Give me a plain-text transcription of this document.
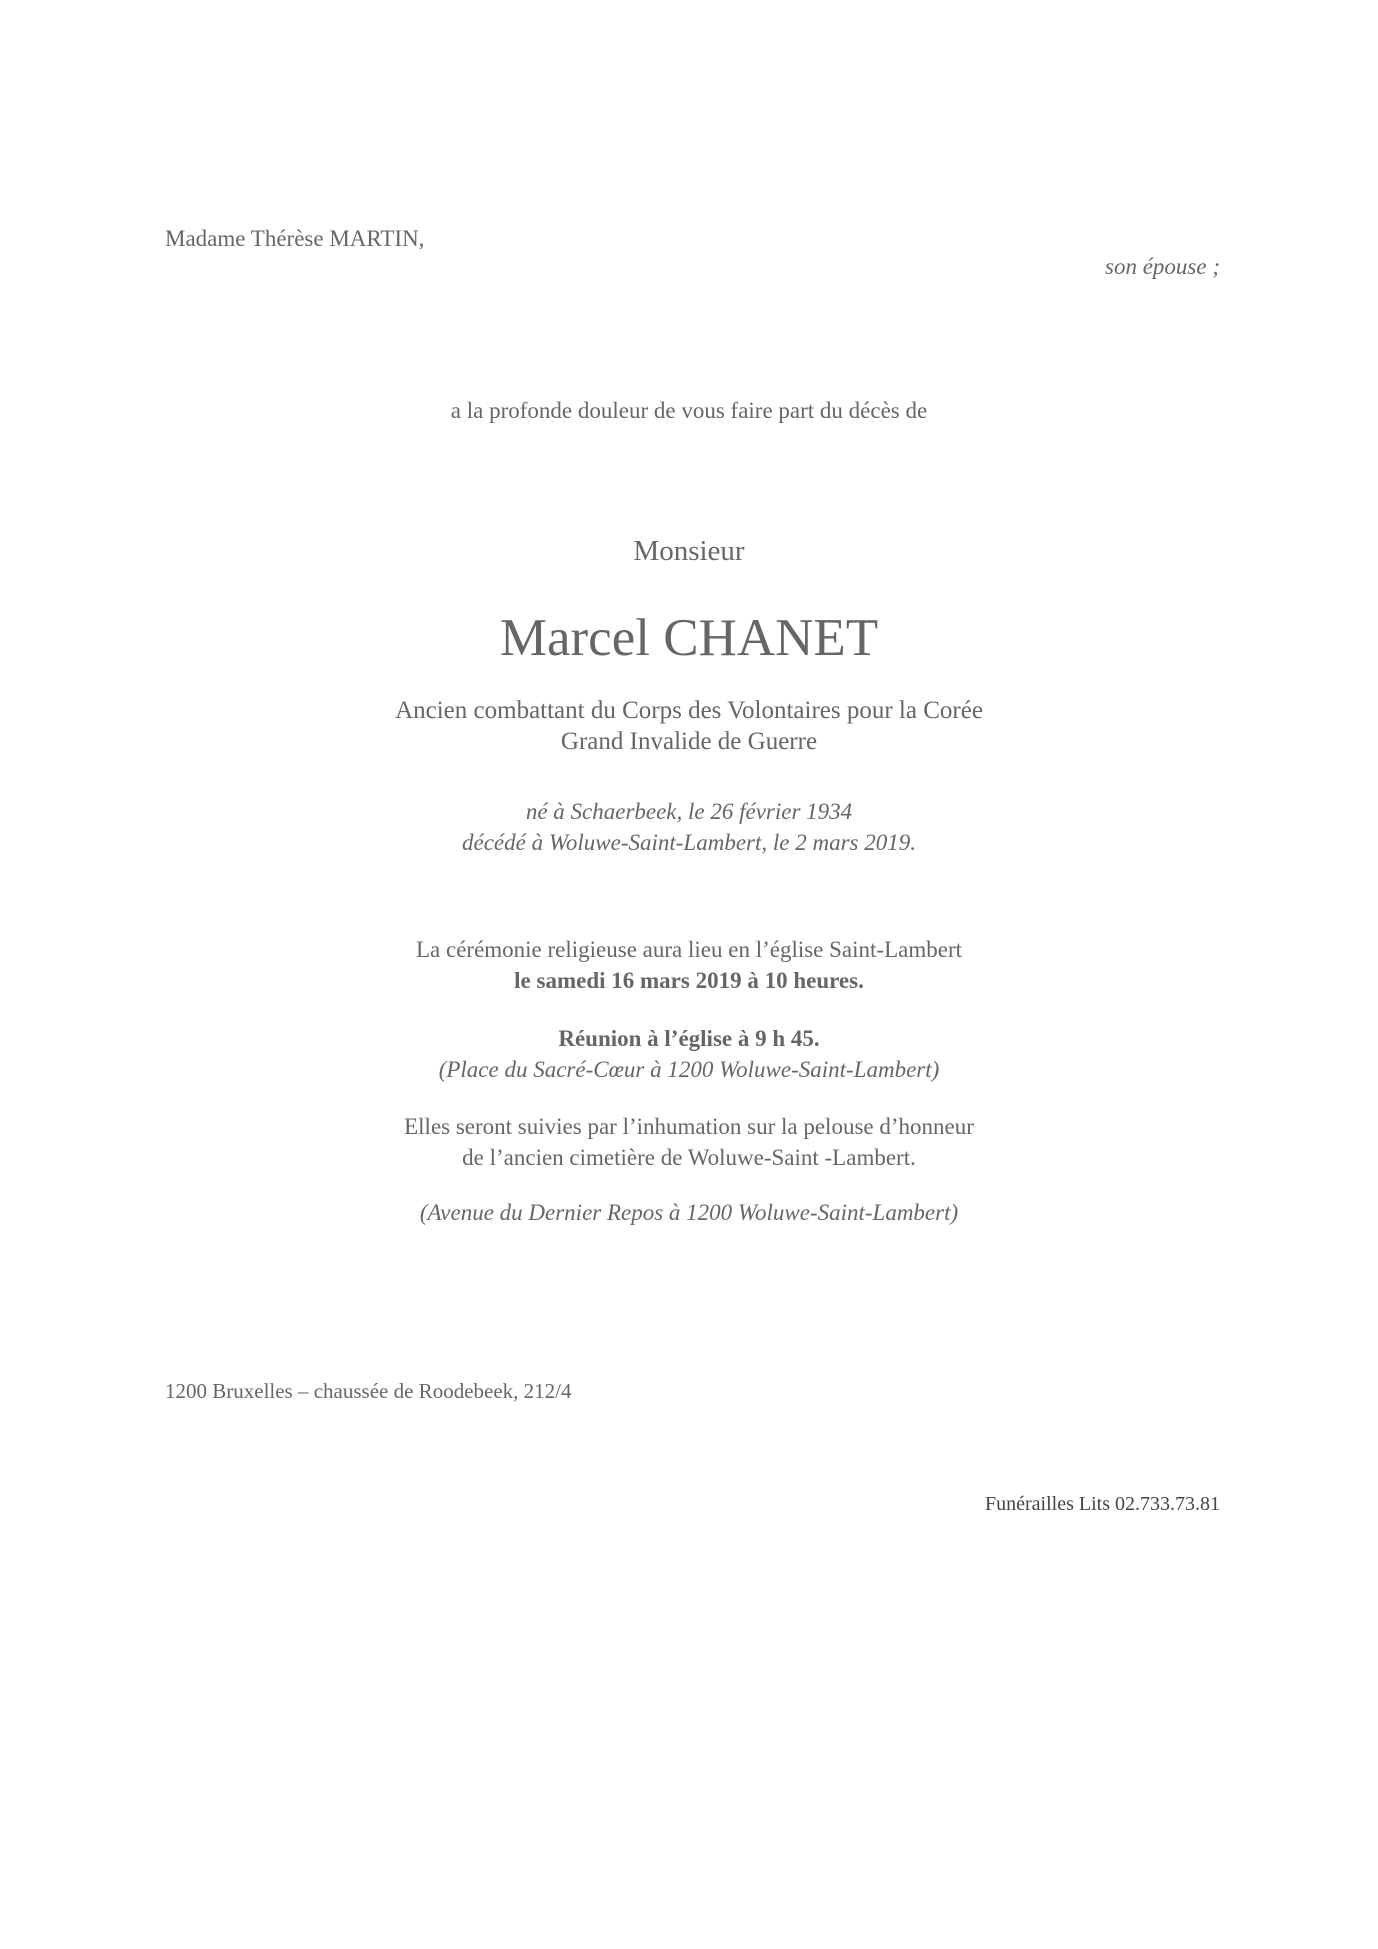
Madame Thérèse MARTIN,
son épouse ;
a la profonde douleur de vous faire part du décès de
Monsieur
Marcel CHANET
Ancien combattant du Corps des Volontaires pour la Corée
Grand Invalide de Guerre
né à Schaerbeek, le 26 février 1934
décédé à Woluwe-Saint-Lambert, le 2 mars 2019.
La cérémonie religieuse aura lieu en l’église Saint-Lambert
le samedi 16 mars 2019 à 10 heures.
Réunion à l’église à 9 h 45.
(Place du Sacré-Cœur à 1200 Woluwe-Saint-Lambert)
Elles seront suivies par l’inhumation sur la pelouse d’honneur
de l’ancien cimetière de Woluwe-Saint -Lambert.
(Avenue du Dernier Repos à 1200 Woluwe-Saint-Lambert)
1200 Bruxelles – chaussée de Roodebeek, 212/4
Funérailles Lits 02.733.73.81
